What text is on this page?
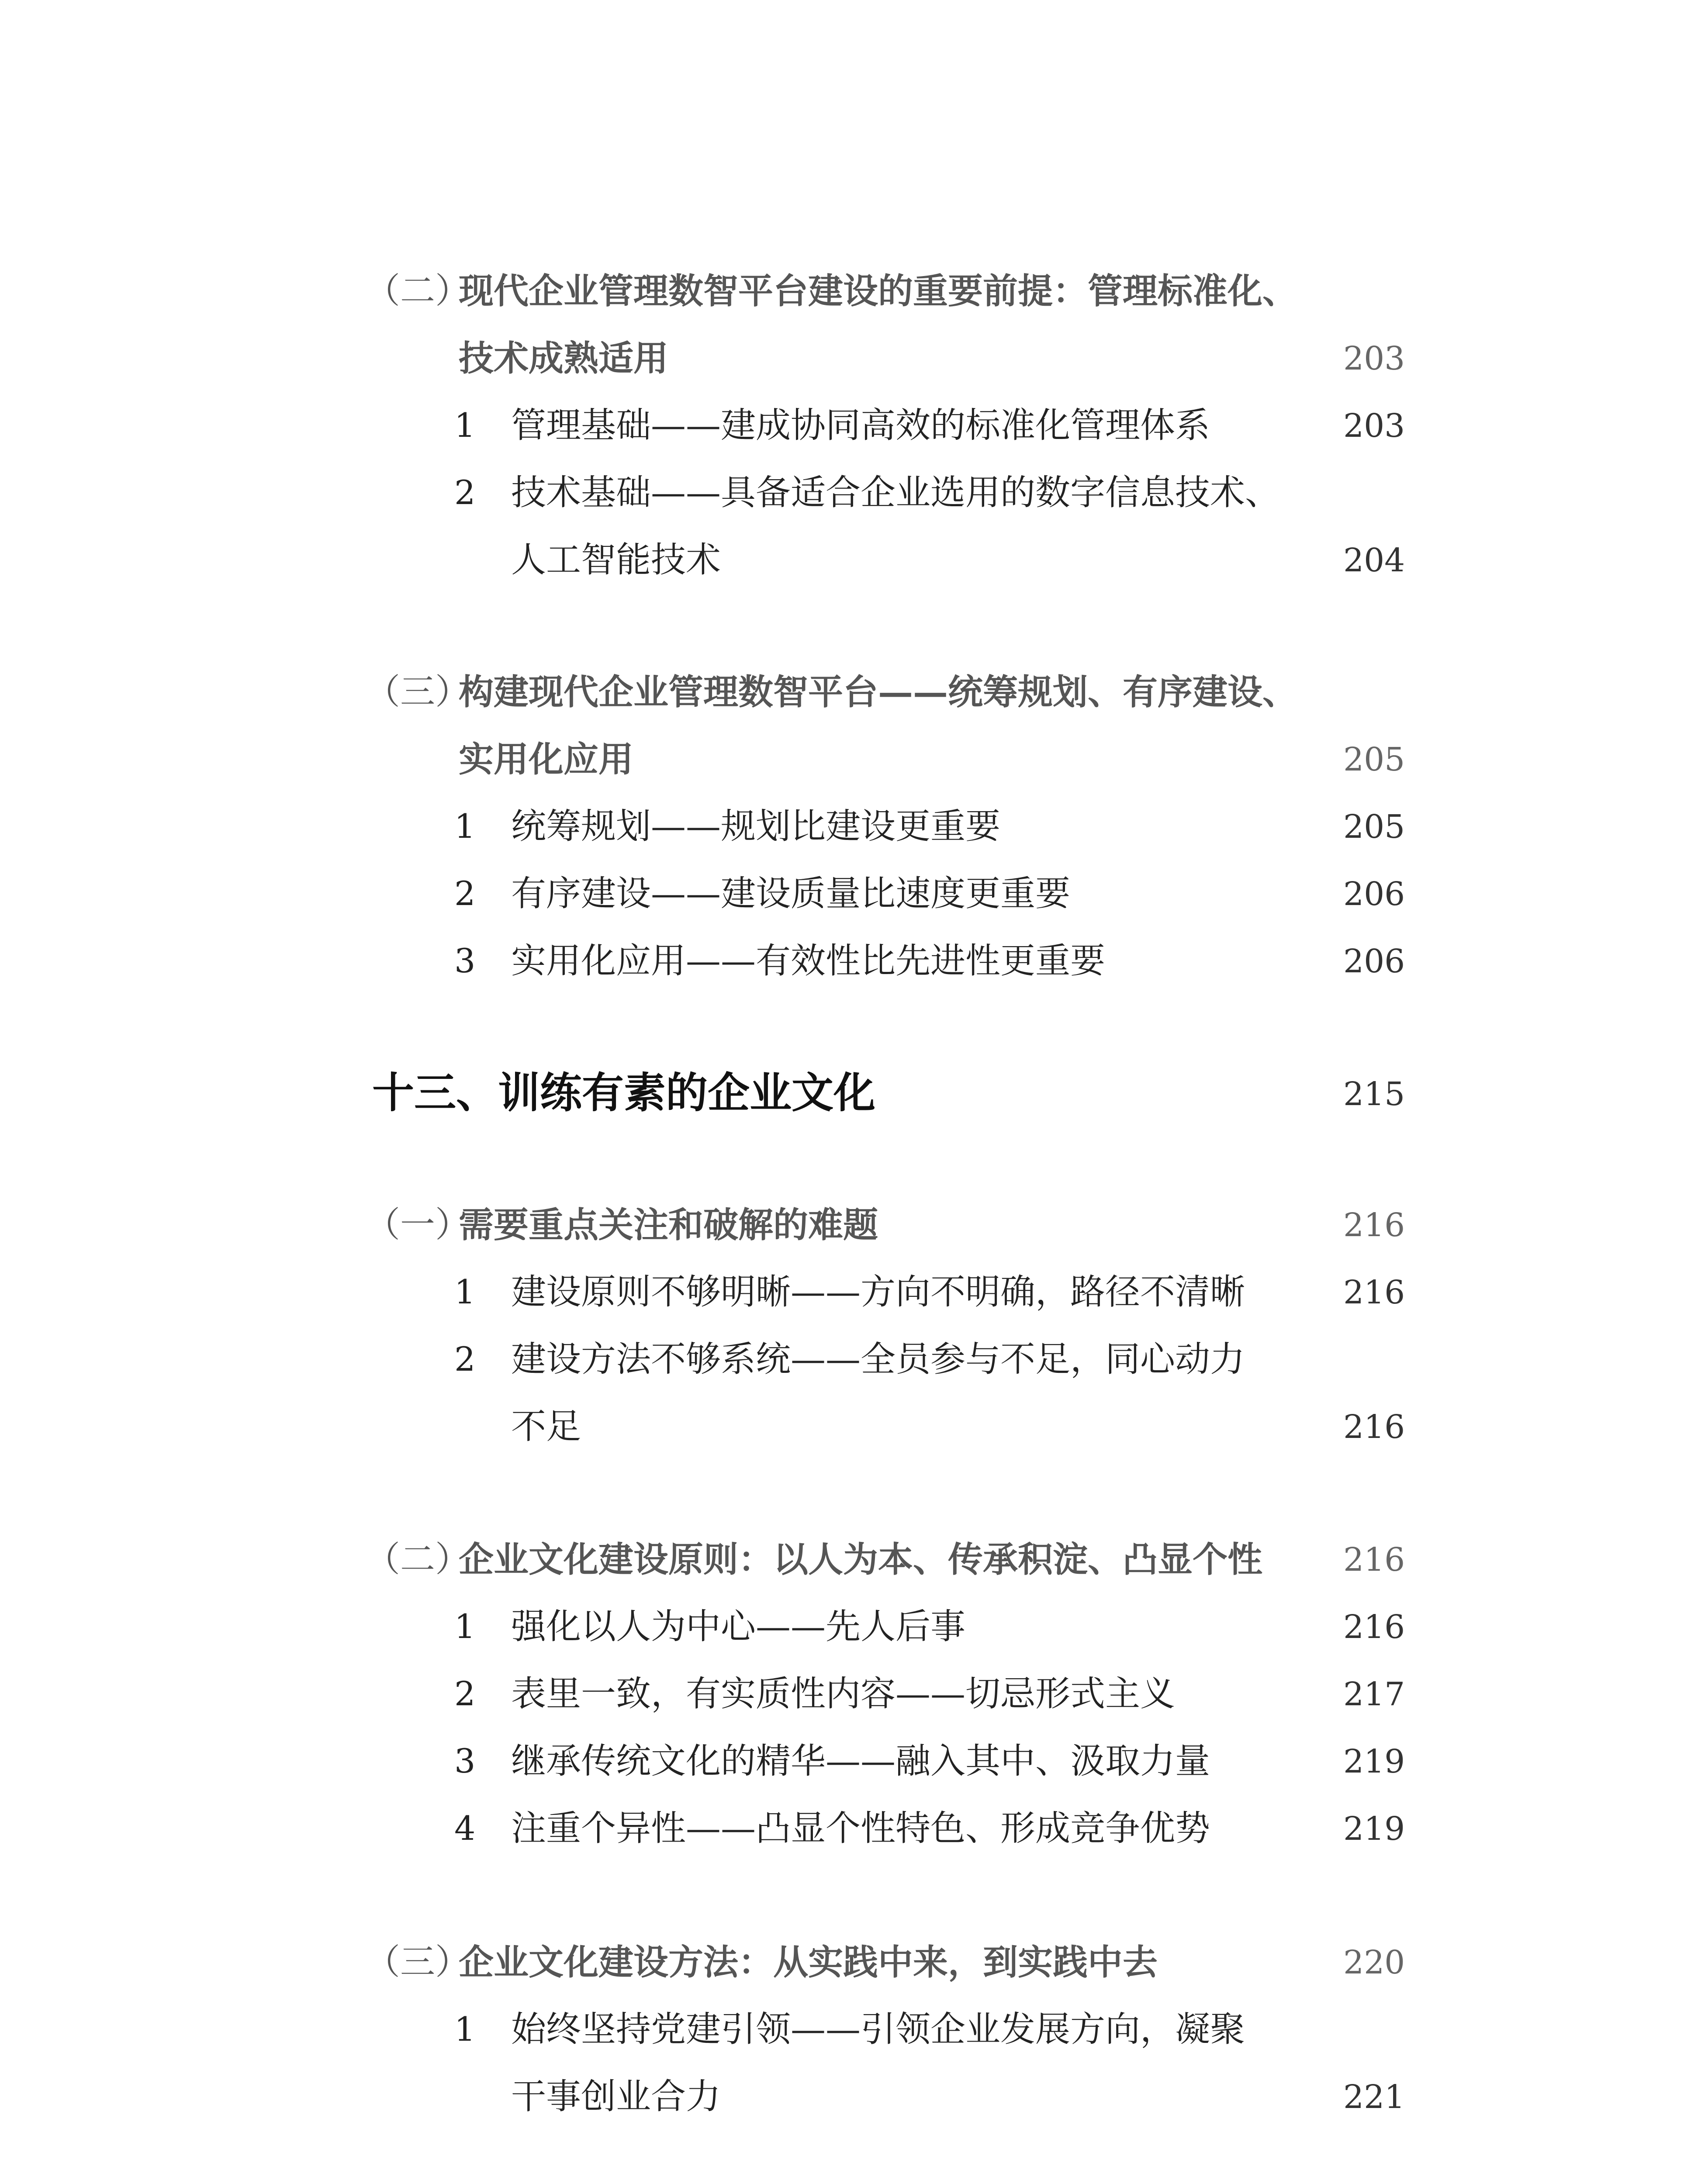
（二）
现代企业管理数智平台建设的重要前提：管理标准化、
技术成熟适用	203
1 管理基础——建成协同高效的标准化管理体系	203
2 技术基础——具备适合企业选用的数字信息技术、
人工智能技术	204
（三）
构建现代企业管理数智平台——统筹规划、有序建设、
实用化应用	205
1 统筹规划——规划比建设更重要	205
2 有序建设——建设质量比速度更重要	206
3 实用化应用——有效性比先进性更重要	206
十三、训练有素的企业文化	215
（一）
需要重点关注和破解的难题	216
1 建设原则不够明晰——方向不明确，路径不清晰	216
2 建设方法不够系统——全员参与不足，同心动力
不足	216
（二）
企业文化建设原则：以人为本、传承积淀、凸显个性	216
1 强化以人为中心——先人后事	216
2 表里一致，有实质性内容——切忌形式主义	217
3 继承传统文化的精华——融入其中、汲取力量	219
4 注重个异性——凸显个性特色、形成竞争优势	219
（三）
企业文化建设方法：从实践中来，到实践中去	220
1 始终坚持党建引领——引领企业发展方向，凝聚
干事创业合力	221
